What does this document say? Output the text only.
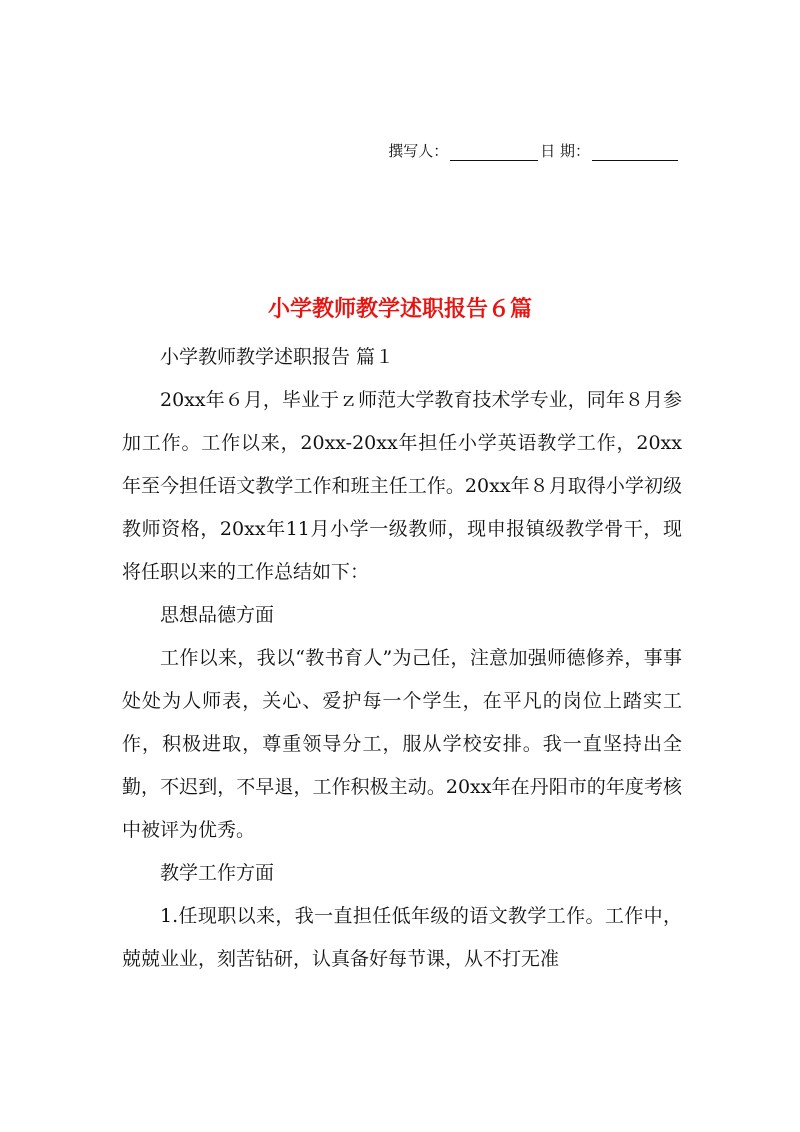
撰写人：	日 期：
小学教师教学述职报告６篇

小学教师教学述职报告 篇１

20xx年６月，毕业于ｚ师范大学教育技术学专业，同年８月参加工作。工作以来，20xx-20xx年担任小学英语教学工作，20xx年至今担任语文教学工作和班主任工作。20xx年８月取得小学初级教师资格，20xx年11月小学一级教师，现申报镇级教学骨干，现将任职以来的工作总结如下：

思想品德方面

工作以来，我以“教书育人”为己任，注意加强师德修养，事事处处为人师表，关心、爱护每一个学生，在平凡的岗位上踏实工作，积极进取，尊重领导分工，服从学校安排。我一直坚持出全勤，不迟到，不早退，工作积极主动。20xx年在丹阳市的年度考核中被评为优秀。

教学工作方面

1.任现职以来，我一直担任低年级的语文教学工作。工作中，兢兢业业，刻苦钻研，认真备好每节课，从不打无准
